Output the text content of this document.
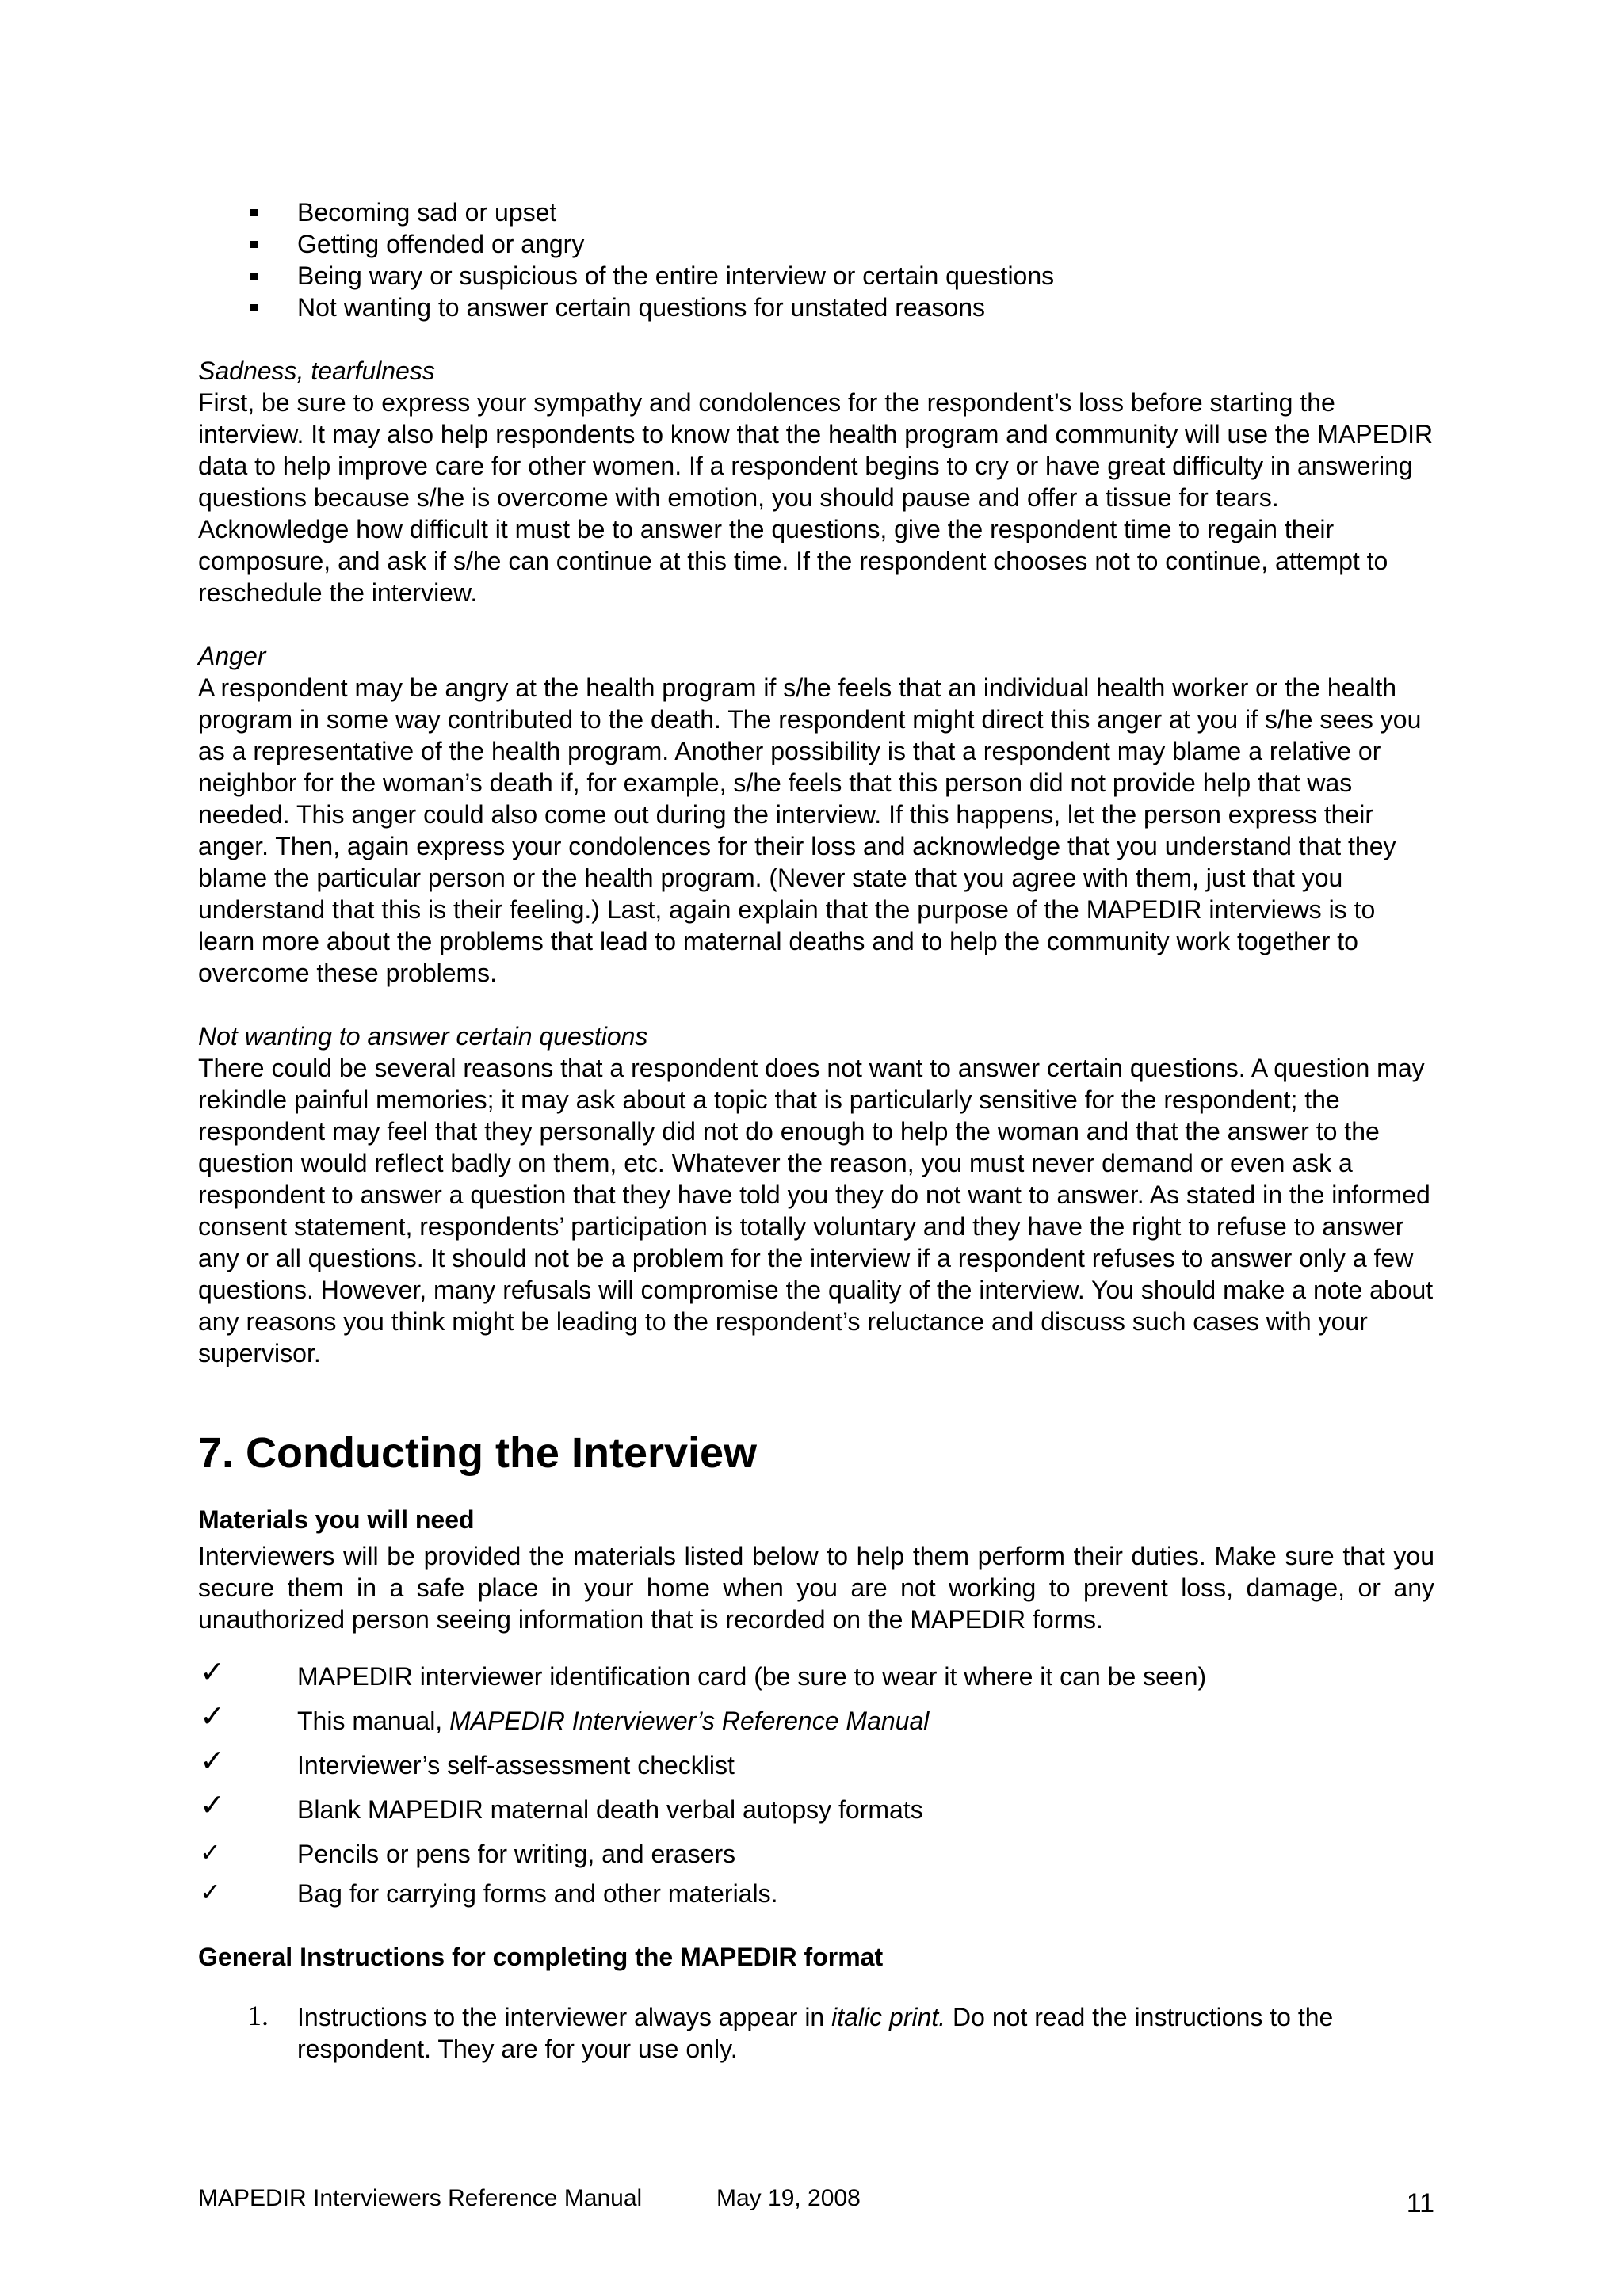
Becoming sad or upset
Getting offended or angry
Being wary or suspicious of the entire interview or certain questions
Not wanting to answer certain questions for unstated reasons

Sadness, tearfulness

First, be sure to express your sympathy and condolences for the respondent’s loss before starting the interview. It may also help respondents to know that the health program and community will use the MAPEDIR data to help improve care for other women. If a respondent begins to cry or have great difficulty in answering questions because s/he is overcome with emotion, you should pause and offer a tissue for tears. Acknowledge how difficult it must be to answer the questions, give the respondent time to regain their composure, and ask if s/he can continue at this time. If the respondent chooses not to continue, attempt to reschedule the interview.

Anger

A respondent may be angry at the health program if s/he feels that an individual health worker or the health program in some way contributed to the death. The respondent might direct this anger at you if s/he sees you as a representative of the health program. Another possibility is that a respondent may blame a relative or neighbor for the woman’s death if, for example, s/he feels that this person did not provide help that was needed. This anger could also come out during the interview. If this happens, let the person express their anger. Then, again express your condolences for their loss and acknowledge that you understand that they blame the particular person or the health program. (Never state that you agree with them, just that you understand that this is their feeling.) Last, again explain that the purpose of the MAPEDIR interviews is to learn more about the problems that lead to maternal deaths and to help the community work together to overcome these problems.

Not wanting to answer certain questions

There could be several reasons that a respondent does not want to answer certain questions. A question may rekindle painful memories; it may ask about a topic that is particularly sensitive for the respondent; the respondent may feel that they personally did not do enough to help the woman and that the answer to the question would reflect badly on them, etc. Whatever the reason, you must never demand or even ask a respondent to answer a question that they have told you they do not want to answer. As stated in the informed consent statement, respondents’ participation is totally voluntary and they have the right to refuse to answer any or all questions. It should not be a problem for the interview if a respondent refuses to answer only a few questions. However, many refusals will compromise the quality of the interview. You should make a note about any reasons you think might be leading to the respondent’s reluctance and discuss such cases with your supervisor.

7. Conducting the Interview

Materials you will need

Interviewers will be provided the materials listed below to help them perform their duties. Make sure that you secure them in a safe place in your home when you are not working to prevent loss, damage, or any unauthorized person seeing information that is recorded on the MAPEDIR forms.

✓	MAPEDIR interviewer identification card (be sure to wear it where it can be seen)
✓	This manual, MAPEDIR Interviewer’s Reference Manual
✓	Interviewer’s self-assessment checklist
✓	Blank MAPEDIR maternal death verbal autopsy formats
✓	Pencils or pens for writing, and erasers
✓	Bag for carrying forms and other materials.

General Instructions for completing the MAPEDIR format

1. Instructions to the interviewer always appear in italic print. Do not read the instructions to the respondent. They are for your use only.
MAPEDIR Interviewers Reference Manual	May 19, 2008	11
